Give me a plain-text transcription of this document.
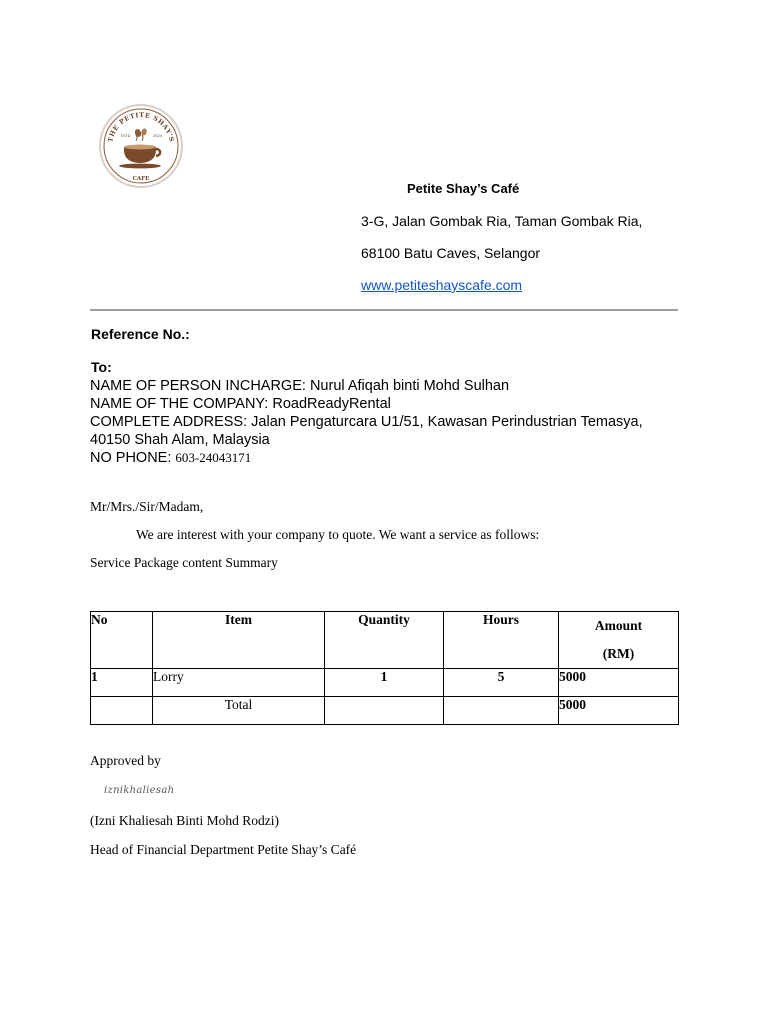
THE PETITE SHAY'S
ESTD	2024
CAFE
Petite Shay’s Café
3-G, Jalan Gombak Ria, Taman Gombak Ria,
68100 Batu Caves, Selangor
www.petiteshayscafe.com
Reference No.:
To:
NAME OF PERSON INCHARGE: Nurul Afiqah binti Mohd Sulhan
NAME OF THE COMPANY: RoadReadyRental
COMPLETE ADDRESS: Jalan Pengaturcara U1/51, Kawasan Perindustrian Temasya,
40150 Shah Alam, Malaysia
NO PHONE: 603-24043171
Mr/Mrs./Sir/Madam,
We are interest with your company to quote. We want a service as follows:
Service Package content Summary
No	Item	Quantity	Hours	Amount
(RM)

1	Lorry	1	5	5000
	Total			5000
Approved by
iznikhaliesah
(Izni Khaliesah Binti Mohd Rodzi)
Head of Financial Department Petite Shay’s Café
